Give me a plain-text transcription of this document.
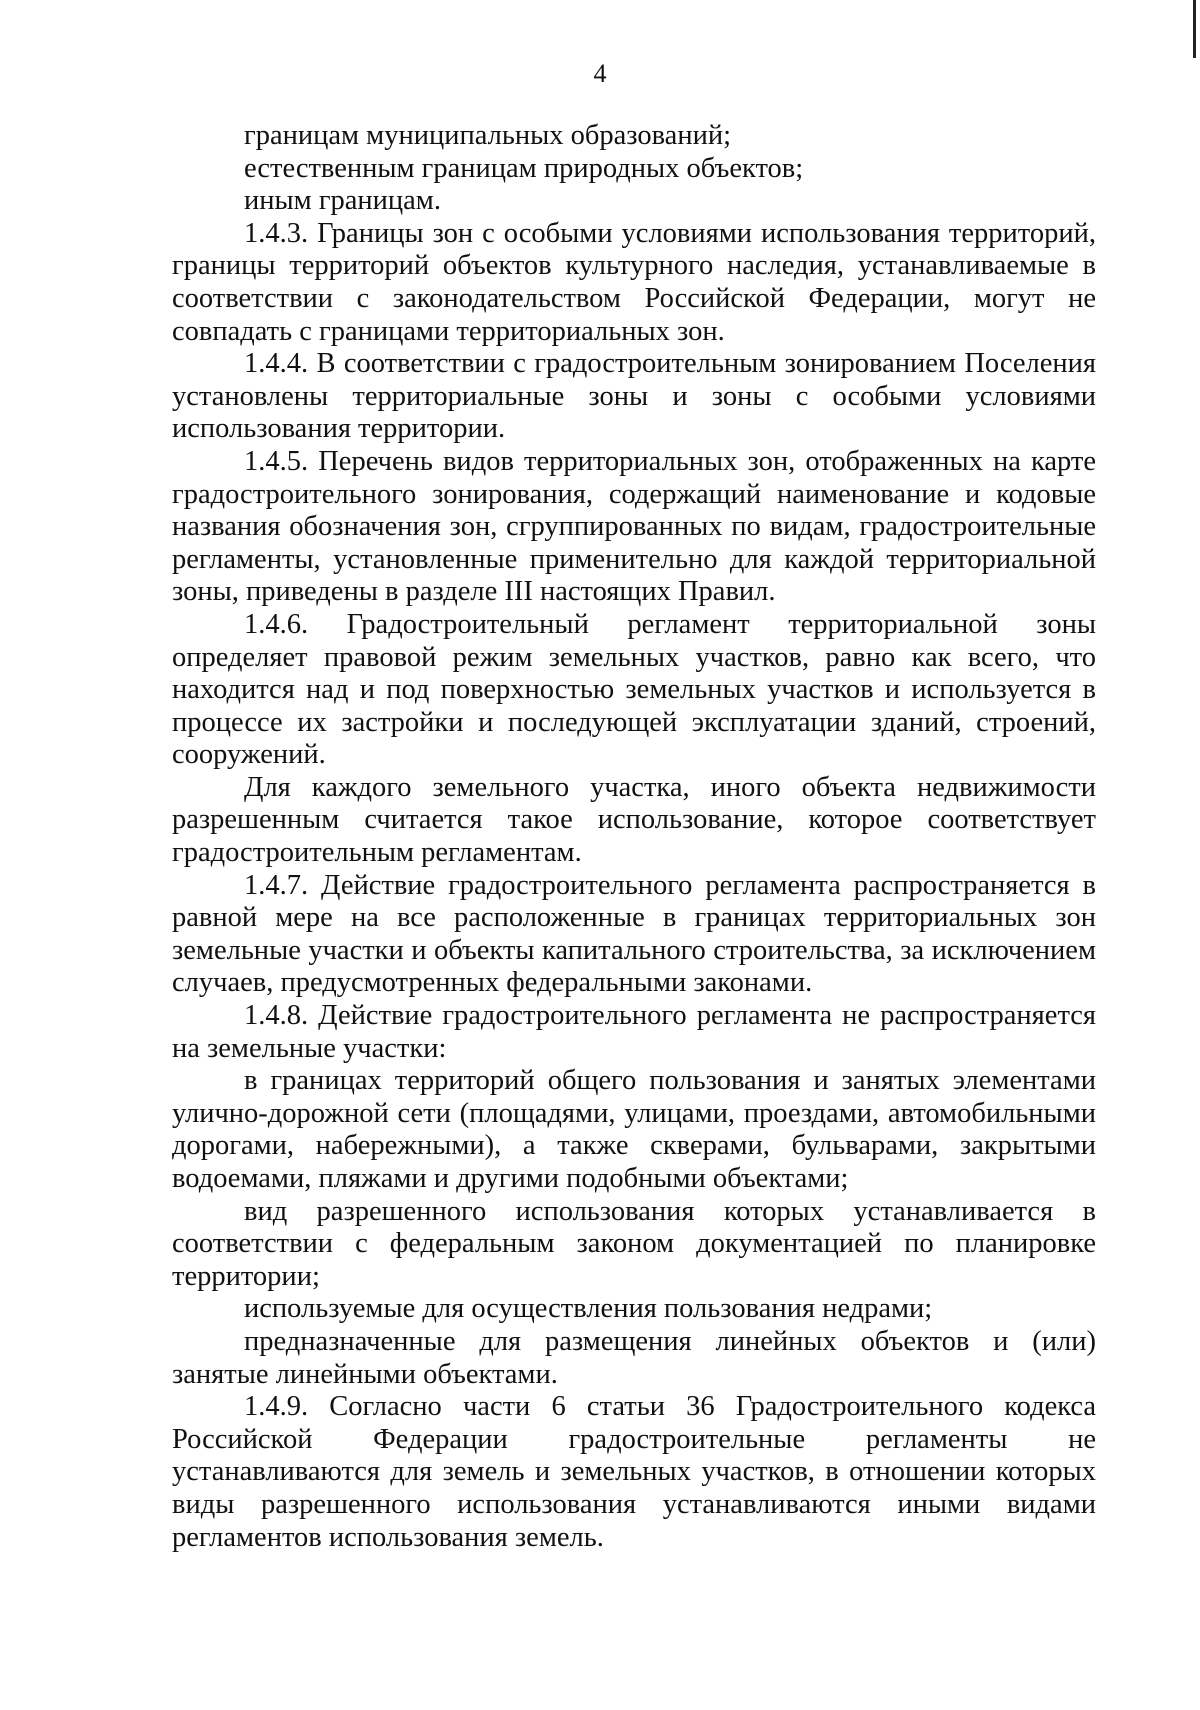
4

границам муниципальных образований;

естественным границам природных объектов;

иным границам.

1.4.3. Границы зон с особыми условиями использования территорий, границы территорий объектов культурного наследия, устанавливаемые в соответствии с законодательством Российской Федерации, могут не совпадать с границами территориальных зон.

1.4.4. В соответствии с градостроительным зонированием Поселения установлены территориальные зоны и зоны с особыми условиями использования территории.

1.4.5. Перечень видов территориальных зон, отображенных на карте градостроительного зонирования, содержащий наименование и кодовые названия обозначения зон, сгруппированных по видам, градостроительные регламенты, установленные применительно для каждой территориальной зоны, приведены в разделе III настоящих Правил.

1.4.6. Градостроительный регламент территориальной зоны определяет правовой режим земельных участков, равно как всего, что находится над и под поверхностью земельных участков и используется в процессе их застройки и последующей эксплуатации зданий, строений, сооружений.

Для каждого земельного участка, иного объекта недвижимости разрешенным считается такое использование, которое соответствует градостроительным регламентам.

1.4.7. Действие градостроительного регламента распространяется в равной мере на все расположенные в границах территориальных зон земельные участки и объекты капитального строительства, за исключением случаев, предусмотренных федеральными законами.

1.4.8. Действие градостроительного регламента не распространяется на земельные участки:

в границах территорий общего пользования и занятых элементами улично-дорожной сети (площадями, улицами, проездами, автомобильными дорогами, набережными), а также скверами, бульварами, закрытыми водоемами, пляжами и другими подобными объектами;

вид разрешенного использования которых устанавливается в соответствии с федеральным законом документацией по планировке территории;

используемые для осуществления пользования недрами;

предназначенные для размещения линейных объектов и (или) занятые линейными объектами.

1.4.9. Согласно части 6 статьи 36 Градостроительного кодекса Российской Федерации градостроительные регламенты не устанавливаются для земель и земельных участков, в отношении которых виды разрешенного использования устанавливаются иными видами регламентов использования земель.
